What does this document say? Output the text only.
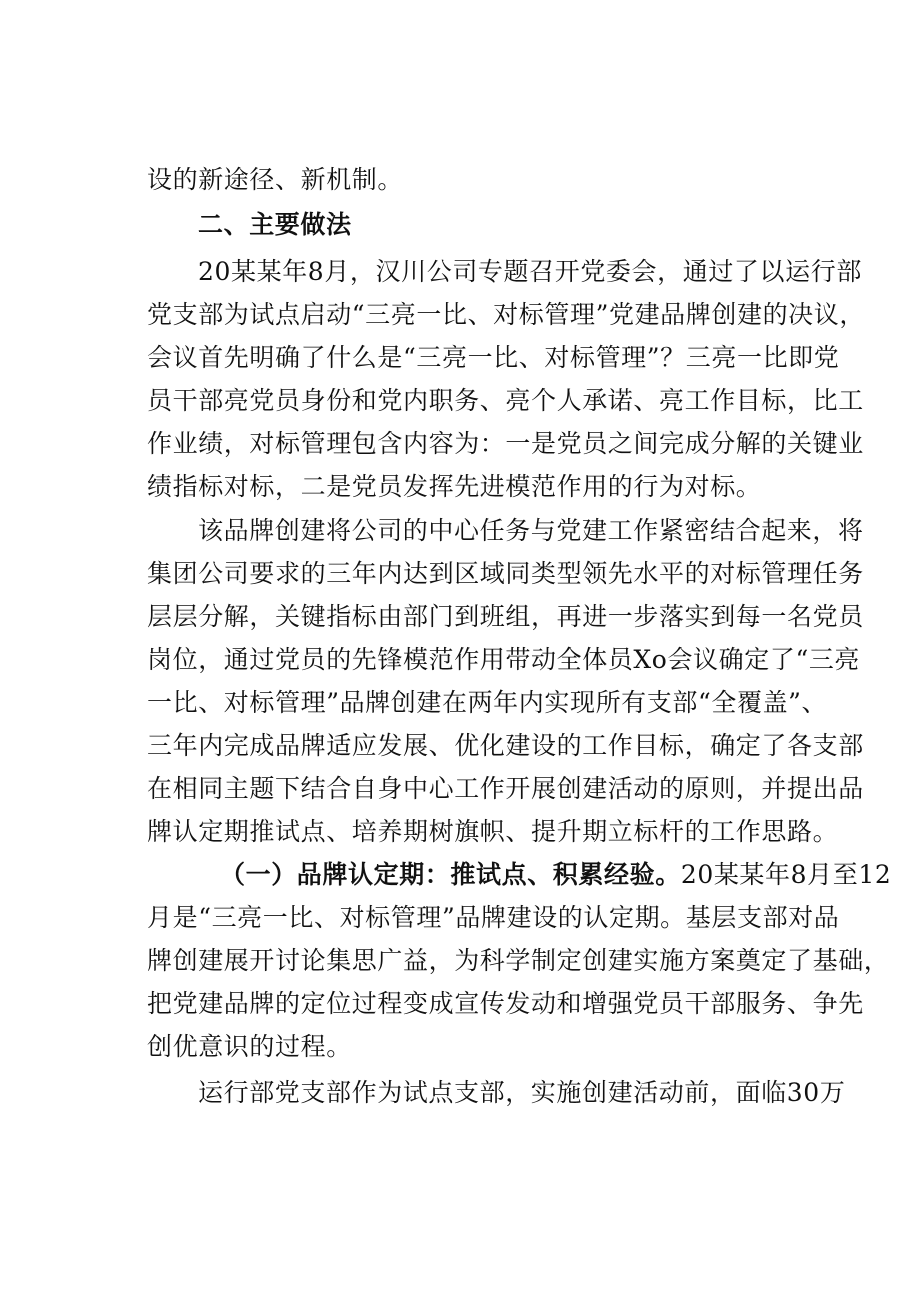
设的新途径、新机制。
二、主要做法
20某某年8月，汉川公司专题召开党委会，通过了以运行部
党支部为试点启动“三亮一比、对标管理”党建品牌创建的决议，
会议首先明确了什么是“三亮一比、对标管理”？三亮一比即党
员干部亮党员身份和党内职务、亮个人承诺、亮工作目标，比工
作业绩，对标管理包含内容为：一是党员之间完成分解的关键业
绩指标对标，二是党员发挥先进模范作用的行为对标。
该品牌创建将公司的中心任务与党建工作紧密结合起来，将
集团公司要求的三年内达到区域同类型领先水平的对标管理任务
层层分解，关键指标由部门到班组，再进一步落实到每一名党员
岗位，通过党员的先锋模范作用带动全体员Xo会议确定了“三亮
一比、对标管理”品牌创建在两年内实现所有支部“全覆盖”、
三年内完成品牌适应发展、优化建设的工作目标，确定了各支部
在相同主题下结合自身中心工作开展创建活动的原则，并提出品
牌认定期推试点、培养期树旗帜、提升期立标杆的工作思路。
（一）品牌认定期：推试点、积累经验。20某某年8月至12
月是“三亮一比、对标管理”品牌建设的认定期。基层支部对品
牌创建展开讨论集思广益，为科学制定创建实施方案奠定了基础，
把党建品牌的定位过程变成宣传发动和增强党员干部服务、争先
创优意识的过程。
运行部党支部作为试点支部，实施创建活动前，面临30万
